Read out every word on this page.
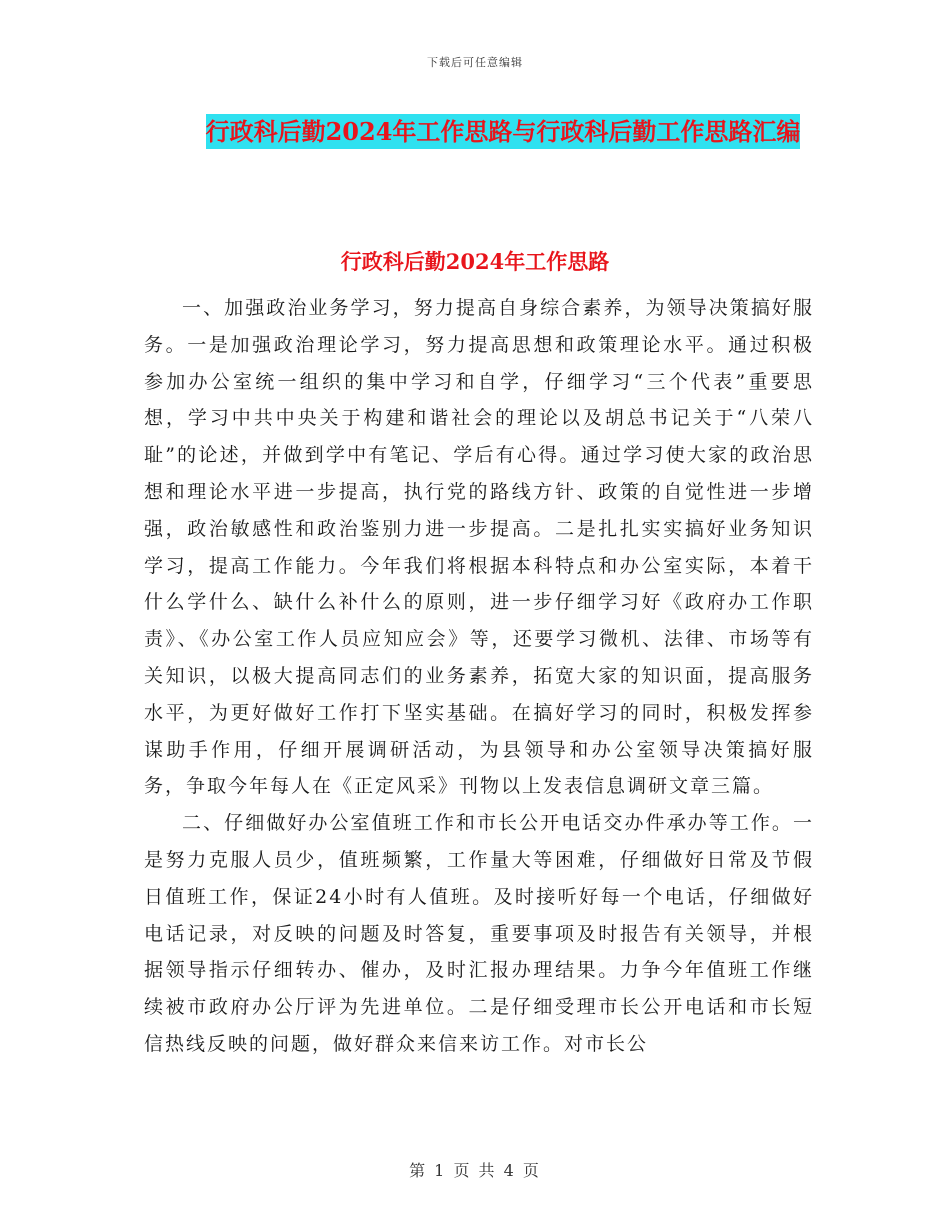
下载后可任意编辑
行政科后勤2024年工作思路与行政科后勤工作思路汇编
行政科后勤2024年工作思路

一、加强政治业务学习，努力提高自身综合素养，为领导决策搞好服务。一是加强政治理论学习，努力提高思想和政策理论水平。通过积极参加办公室统一组织的集中学习和自学，仔细学习“三个代表”重要思想，学习中共中央关于构建和谐社会的理论以及胡总书记关于“八荣八耻”的论述，并做到学中有笔记、学后有心得。通过学习使大家的政治思想和理论水平进一步提高，执行党的路线方针、政策的自觉性进一步增强，政治敏感性和政治鉴别力进一步提高。二是扎扎实实搞好业务知识学习，提高工作能力。今年我们将根据本科特点和办公室实际，本着干什么学什么、缺什么补什么的原则，进一步仔细学习好《政府办工作职责》、《办公室工作人员应知应会》等，还要学习微机、法律、市场等有关知识，以极大提高同志们的业务素养，拓宽大家的知识面，提高服务水平，为更好做好工作打下坚实基础。在搞好学习的同时，积极发挥参谋助手作用，仔细开展调研活动，为县领导和办公室领导决策搞好服务，争取今年每人在《正定风采》刊物以上发表信息调研文章三篇。

二、仔细做好办公室值班工作和市长公开电话交办件承办等工作。一是努力克服人员少，值班频繁，工作量大等困难，仔细做好日常及节假日值班工作，保证24小时有人值班。及时接听好每一个电话，仔细做好电话记录，对反映的问题及时答复，重要事项及时报告有关领导，并根据领导指示仔细转办、催办，及时汇报办理结果。力争今年值班工作继续被市政府办公厅评为先进单位。二是仔细受理市长公开电话和市长短信热线反映的问题，做好群众来信来访工作。对市长公

第 1 页 共 4 页
